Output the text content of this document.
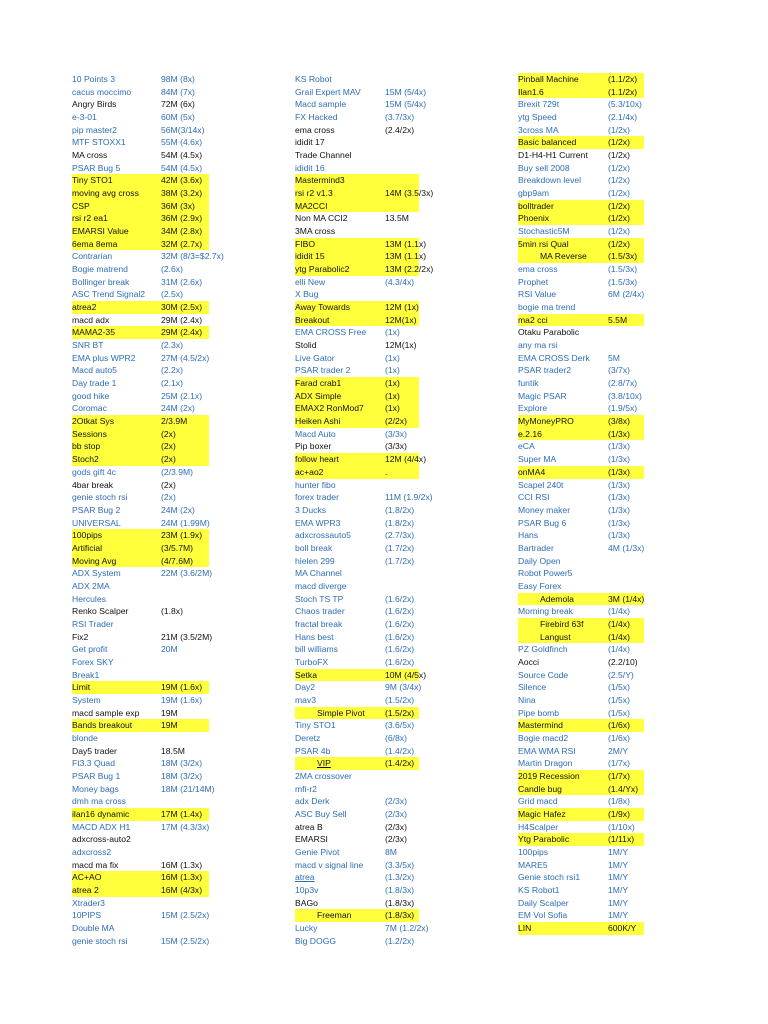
10 Points 3	98M (8x)
cacus moccimo	84M (7x)
Angry Birds	72M (6x)
e-3-01	60M (5x)
pip master2	56M(3/14x)
MTF STOXX1	55M (4.6x)
MA cross	54M (4.5x)
PSAR Bug 5	54M (4.5x)
Tiny STO1	42M (3.6x)
moving avg cross	38M (3.2x)
CSP	36M (3x)
rsi r2 ea1	36M (2.9x)
EMARSI Value	34M (2.8x)
6ema 8ema	32M (2.7x)
Contrarian	32M (8/3=$2.7x)
Bogie matrend	(2.6x)
Bollinger break	31M (2.6x)
ASC Trend Signal2 (2.5x)
atrea2	30M (2.5x)
macd adx	29M (2.4x)
MAMA2-35	29M (2.4x)
SNR BT	(2.3x)
EMA plus WPR2	27M (4.5/2x)
Macd auto5	(2.2x)
Day trade 1	(2.1x)
good hike	25M (2.1x)
Coromac	24M (2x)
2Otkat Sys	2/3.9M
Sessions	(2x)
bb stop	(2x)
Stoch2	(2x)
gods gift 4c	(2/3.9M)
4bar break	(2x)
genie stoch rsi	(2x)
PSAR Bug 2	24M (2x)
UNIVERSAL	24M (1.99M)
100pips	23M (1.9x)
Artificial	(3/5.7M)
Moving Avg	(4/7.6M)
ADX System	22M (3.6/2M)
ADX 2MA
Hercules
Renko Scalper	(1.8x)
RSI Trader
Fix2	21M (3.5/2M)
Get profit	20M
Forex SKY
Break1
Limit	19M (1.6x)
System	19M (1.6x)
macd sample exp	19M
Bands breakout	19M
blonde
Day5 trader	18.5M
Ft3.3 Quad	18M (3/2x)
PSAR Bug 1	18M (3/2x)
Money bags	18M (21/14M)
dmh ma cross
ilan16 dynamic	17M (1.4x)
MACD ADX H1	17M (4.3/3x)
adxcross-auto2
adxcross2
macd ma fix	16M (1.3x)
AC+AO	16M (1.3x)
atrea 2	16M (4/3x)
Xtrader3
10PIPS	15M (2.5/2x)
Double MA
genie stoch rsi	15M (2.5/2x)
KS Robot
Grail Expert MAV	15M (5/4x)
Macd sample	15M (5/4x)
FX Hacked	(3.7/3x)
ema cross	(2.4/2x)
ididit 17
Trade Channel
ididit 16
Mastermind3
rsi r2 v1.3	14M (3.5/3x)
MA2CCI
Non MA CCI2	13.5M
3MA cross
FIBO	13M (1.1x)
ididit 15	13M (1.1x)
ytg Parabolic2	13M (2.2/2x)
elli New	(4.3/4x)
X Bug
Away Towards	12M (1x)
Breakout	12M(1x)
EMA CROSS Free (1x)
Stolid	12M(1x)
Live Gator	(1x)
PSAR trader 2	(1x)
Farad crab1	(1x)
ADX Simple	(1x)
EMAX2 RonMod7 (1x)
Heiken Ashi	(2/2x)
Macd Auto	(3/3x)
Pip boxer	(3/3x)
follow heart	12M (4/4x)
ac+ao2	.
hunter fibo
forex trader	11M (1.9/2x)
3 Ducks	(1.8/2x)
EMA WPR3	(1.8/2x)
adxcrossauto5	(2.7/3x)
boll break	(1.7/2x)
hielen 299	(1.7/2x)
MA Channel
macd diverge
Stoch TS TP	(1.6/2x)
Chaos trader	(1.6/2x)
fractal break	(1.6/2x)
Hans best	(1.6/2x)
bill williams	(1.6/2x)
TurboFX	(1.6/2x)
Setka	10M (4/5x)
Day2	9M (3/4x)
mav3	(1.5/2x)
Simple Pivot (1.5/2x)
Tiny STO1	(3.6/5x)
Deretz	(6/8x)
PSAR 4b	(1.4/2x)
VIP	(1.4/2x)
2MA crossover
mfi-r2
adx Derk	(2/3x)
ASC Buy Sell	(2/3x)
atrea B	(2/3x)
EMARSI	(2/3x)
Genie Pivot	8M
macd v signal line	(3.3/5x)
atrea	(1.3/2x)
10p3v	(1.8/3x)
BAGo	(1.8/3x)
Freeman	(1.8/3x)
Lucky	7M (1.2/2x)
Big DOGG	(1.2/2x)
Pinball Machine	(1.1/2x)
Ilan1.6	(1.1/2x)
Brexit 729t	(5.3/10x)
ytg Speed	(2.1/4x)
3cross MA	(1/2x)
Basic balanced	(1/2x)
D1-H4-H1 Current (1/2x)
Buy sell 2008	(1/2x)
Breakdown level	(1/2x)
gbp9am	(1/2x)
bolltrader	(1/2x)
Phoenix	(1/2x)
Stochastic5M	(1/2x)
5min rsi Qual	(1/2x)
MA Reverse (1.5/3x)
ema cross	(1.5/3x)
Prophet	(1.5/3x)
RSI Value	6M (2/4x)
bogie ma trend
ma2 cci	5.5M
Otaku Parabolic
any ma rsi
EMA CROSS Derk 5M
PSAR trader2	(3/7x)
funtik	(2.8/7x)
Magic PSAR	(3.8/10x)
Explore	(1.9/5x)
MyMoneyPRO	(3/8x)
e.2.16	(1/3x)
eCA	(1/3x)
Super MA	(1/3x)
onMA4	(1/3x)
Scapel 240t	(1/3x)
CCI RSI	(1/3x)
Money maker	(1/3x)
PSAR Bug 6	(1/3x)
Hans	(1/3x)
Bartrader	4M (1/3x)
Daily Open
Robot Power5
Easy Forex
Ademola	3M (1/4x)
Morning break	(1/4x)
Firebird 63f	(1/4x)
Langust	(1/4x)
PZ Goldfinch	(1/4x)
Aocci	(2.2/10)
Source Code	(2.5/Y)
Silence	(1/5x)
Nina	(1/5x)
Pipe bomb	(1/5x)
Mastermind	(1/6x)
Bogie macd2	(1/6x)
EMA WMA RSI	2M/Y
Martin Dragon	(1/7x)
2019 Recession	(1/7x)
Candle bug	(1.4/Yx)
Grid macd	(1/8x)
Magic Hafez	(1/9x)
H4Scalper	(1/10x)
Ytg Parabolic	(1/11x)
100pips	1M/Y
MARE5	1M/Y
Genie stoch rsi1	1M/Y
KS Robot1	1M/Y
Daily Scalper	1M/Y
EM Vol Sofia	1M/Y
LIN	600K/Y
